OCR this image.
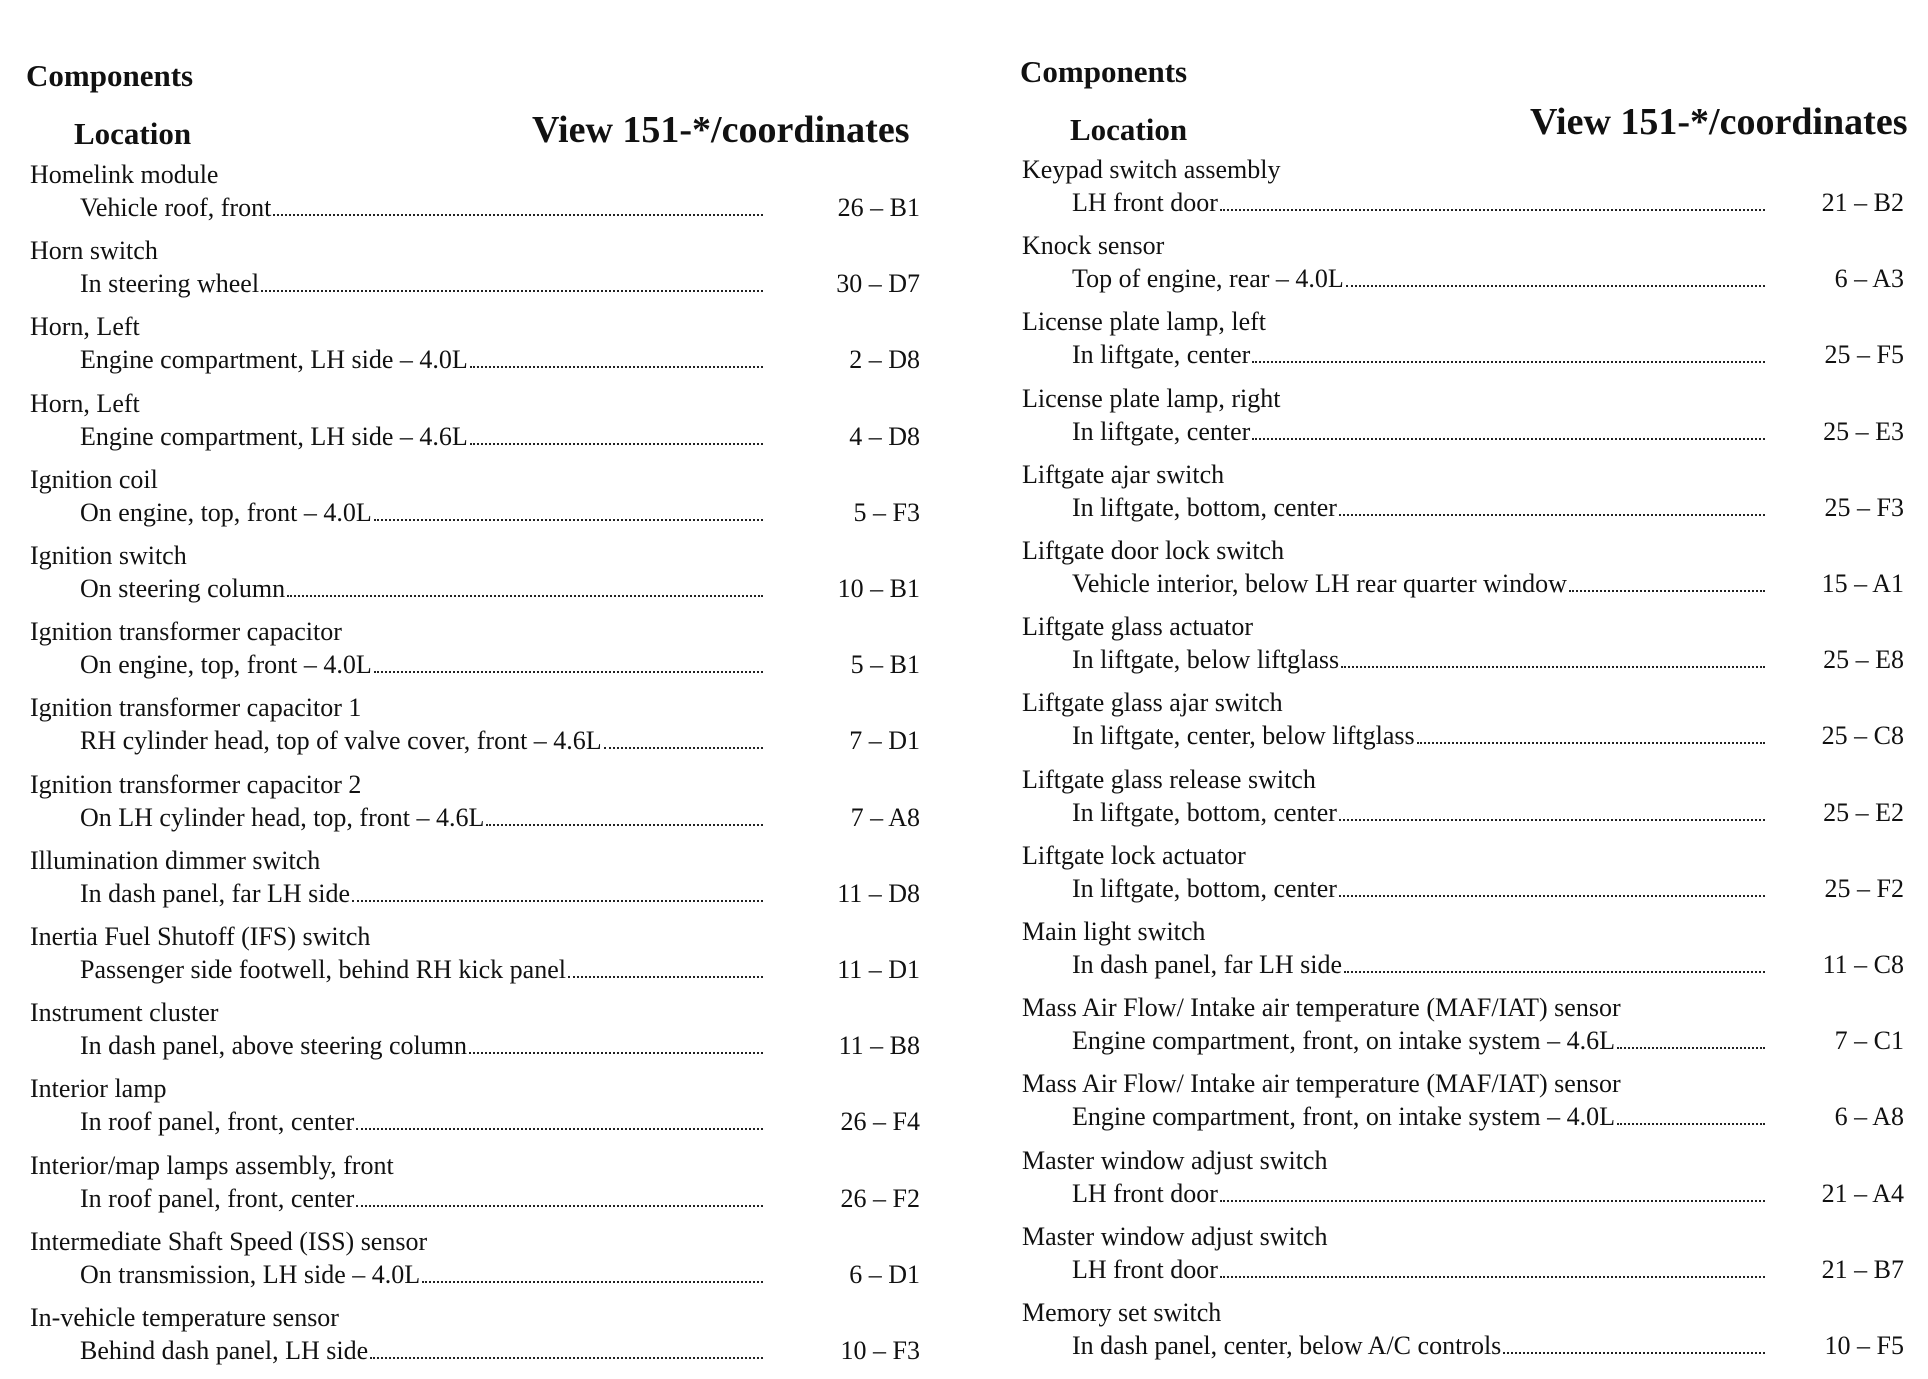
Components
Location	View 151-*/coordinates
Homelink module
Vehicle roof, front	26 – B1
Horn switch
In steering wheel	30 – D7
Horn, Left
Engine compartment, LH side – 4.0L	2 – D8
Horn, Left
Engine compartment, LH side – 4.6L	4 – D8
Ignition coil
On engine, top, front – 4.0L	5 – F3
Ignition switch
On steering column	10 – B1
Ignition transformer capacitor
On engine, top, front – 4.0L	5 – B1
Ignition transformer capacitor 1
RH cylinder head, top of valve cover, front – 4.6L	7 – D1
Ignition transformer capacitor 2
On LH cylinder head, top, front – 4.6L	7 – A8
Illumination dimmer switch
In dash panel, far LH side	11 – D8
Inertia Fuel Shutoff (IFS) switch
Passenger side footwell, behind RH kick panel	11 – D1
Instrument cluster
In dash panel, above steering column	11 – B8
Interior lamp
In roof panel, front, center	26 – F4
Interior/map lamps assembly, front
In roof panel, front, center	26 – F2
Intermediate Shaft Speed (ISS) sensor
On transmission, LH side – 4.0L	6 – D1
In-vehicle temperature sensor
Behind dash panel, LH side	10 – F3
Components
Location	View 151-*/coordinates
Keypad switch assembly
LH front door	21 – B2
Knock sensor
Top of engine, rear – 4.0L	6 – A3
License plate lamp, left
In liftgate, center	25 – F5
License plate lamp, right
In liftgate, center	25 – E3
Liftgate ajar switch
In liftgate, bottom, center	25 – F3
Liftgate door lock switch
Vehicle interior, below LH rear quarter window	15 – A1
Liftgate glass actuator
In liftgate, below liftglass	25 – E8
Liftgate glass ajar switch
In liftgate, center, below liftglass	25 – C8
Liftgate glass release switch
In liftgate, bottom, center	25 – E2
Liftgate lock actuator
In liftgate, bottom, center	25 – F2
Main light switch
In dash panel, far LH side	11 – C8
Mass Air Flow/ Intake air temperature (MAF/IAT) sensor
Engine compartment, front, on intake system – 4.6L	7 – C1
Mass Air Flow/ Intake air temperature (MAF/IAT) sensor
Engine compartment, front, on intake system – 4.0L	6 – A8
Master window adjust switch
LH front door	21 – A4
Master window adjust switch
LH front door	21 – B7
Memory set switch
In dash panel, center, below A/C controls	10 – F5
